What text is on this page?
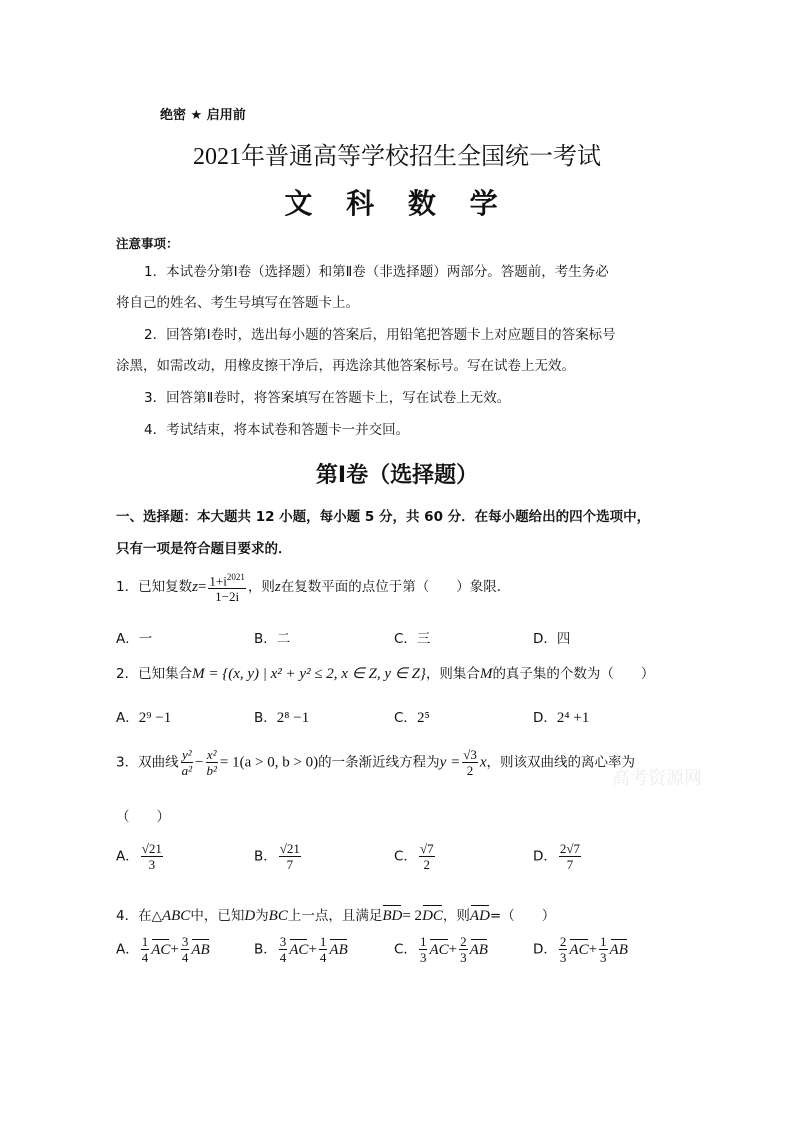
绝密 ★ 启用前
2021年普通高等学校招生全国统一考试
文 科 数 学
注意事项：
1．本试卷分第Ⅰ卷（选择题）和第Ⅱ卷（非选择题）两部分。答题前，考生务必
将自己的姓名、考生号填写在答题卡上。
2．回答第Ⅰ卷时，选出每小题的答案后，用铅笔把答题卡上对应题目的答案标号
涂黑，如需改动，用橡皮擦干净后，再选涂其他答案标号。写在试卷上无效。
3．回答第Ⅱ卷时，将答案填写在答题卡上，写在试卷上无效。
4．考试结束，将本试卷和答题卡一并交回。
第Ⅰ卷（选择题）
一、选择题：本大题共 12 小题，每小题 5 分，共 60 分．在每小题给出的四个选项中，
只有一项是符合题目要求的．
1．已知复数$z= \frac{1+i^{2021}}{1-2i}$ ，则z在复数平面的点位于第（　　）象限．
A．一	B．二	C．三	D．四
2．已知集合M = {(x, y) | x² + y² ≤ 2, x ∈ Z, y ∈ Z}，则集合M的真子集的个数为（　　）
A．2⁹ −1	B．2⁸ −1	C．2⁵	D．2⁴ +1
3．双曲线 $\frac{\text{y²}}{\text{a²}} - \frac{\text{x²}}{\text{b²}} = 1(a > 0$, b > 0)的一条渐近线方程为$y = \frac{√3}{2}$ x，则该双曲线的离心率为
（　　）
A． $\frac{√21}{3}$	B． $\frac{√21}{7}$	C． $\frac{√7}{2}$	D． $\frac{2√7}{7}$
高考资源网
4．在△ABC中，已知D为BC上一点，且满足BD= 2DC，则AD=（　　）
A． $\frac{1}{4} AC+ \frac{3}{4}$ AB	B． $\frac{3}{4} AC+ \frac{1}{4}$ AB	C． $\frac{1}{3} AC+ \frac{2}{3}$ AB	D． $\frac{2}{3} AC+ \frac{1}{3}$ AB
